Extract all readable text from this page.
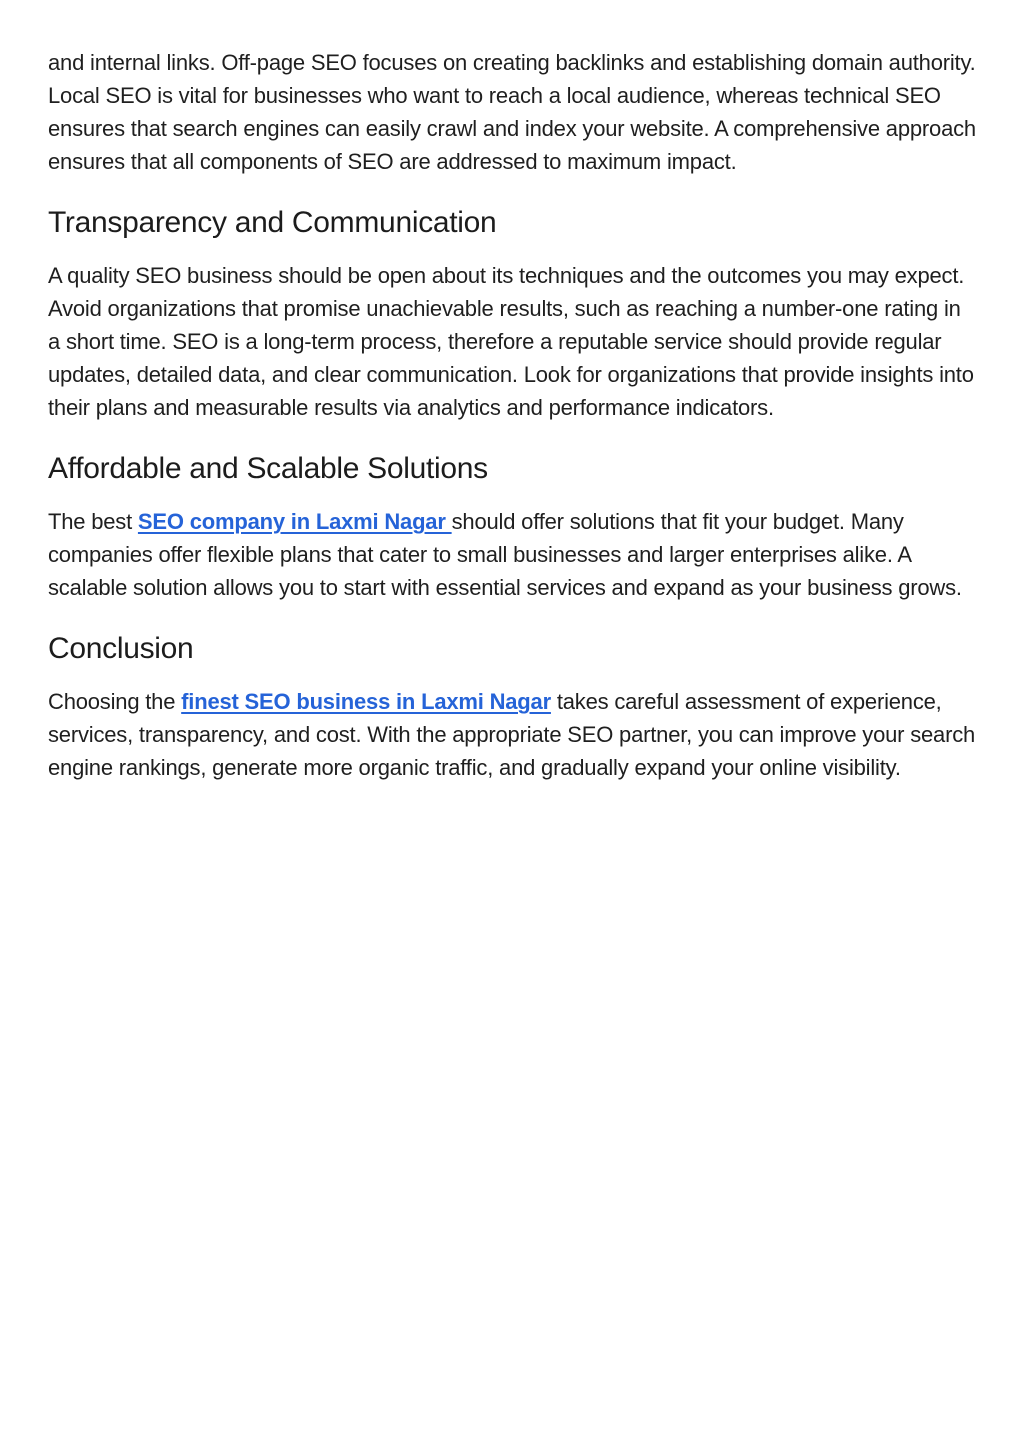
and internal links. Off-page SEO focuses on creating backlinks and establishing domain authority. Local SEO is vital for businesses who want to reach a local audience, whereas technical SEO ensures that search engines can easily crawl and index your website. A comprehensive approach ensures that all components of SEO are addressed to maximum impact.

Transparency and Communication

A quality SEO business should be open about its techniques and the outcomes you may expect. Avoid organizations that promise unachievable results, such as reaching a number-one rating in a short time. SEO is a long-term process, therefore a reputable service should provide regular updates, detailed data, and clear communication. Look for organizations that provide insights into their plans and measurable results via analytics and performance indicators.

Affordable and Scalable Solutions

The best SEO company in Laxmi Nagar should offer solutions that fit your budget. Many companies offer flexible plans that cater to small businesses and larger enterprises alike. A scalable solution allows you to start with essential services and expand as your business grows.

Conclusion

Choosing the finest SEO business in Laxmi Nagar takes careful assessment of experience, services, transparency, and cost. With the appropriate SEO partner, you can improve your search engine rankings, generate more organic traffic, and gradually expand your online visibility.
